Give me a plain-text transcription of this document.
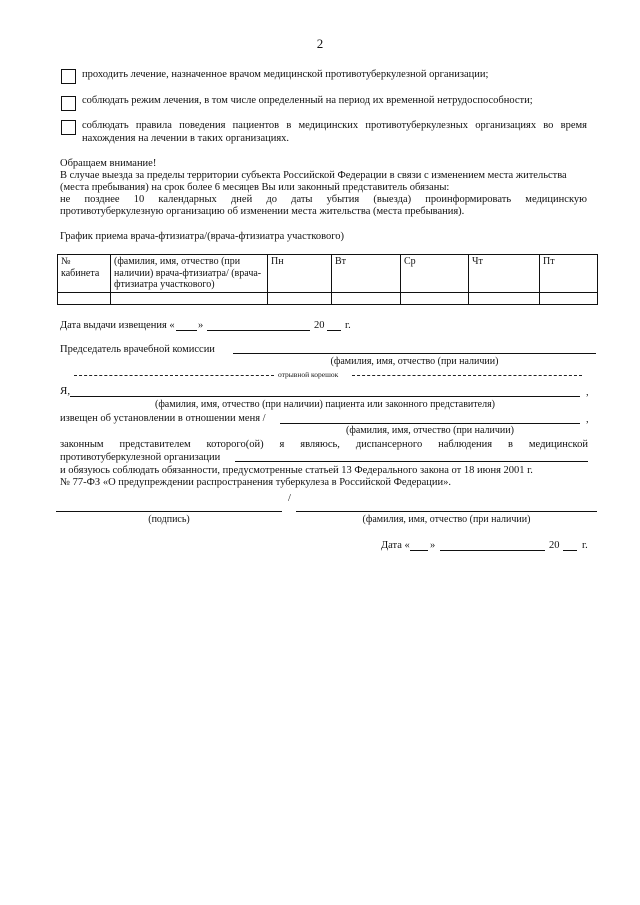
2
проходить лечение, назначенное врачом медицинской противотуберкулезной организации;
соблюдать режим лечения, в том числе определенный на период их временной нетрудоспособности;
соблюдать правила поведения пациентов в медицинских противотуберкулезных организациях во время
нахождения на лечении в таких организациях.
Обращаем внимание!
В случае выезда за пределы территории субъекта Российской Федерации в связи с изменением места жительства
(места пребывания) на срок более 6 месяцев Вы или законный представитель обязаны:
не позднее 10 календарных дней до даты убытия (выезда) проинформировать медицинскую
противотуберкулезную организацию об изменении места жительства (места пребывания).
График приема врача-фтизиатра/(врача-фтизиатра участкового)
№ кабинета	(фамилия, имя, отчество (при наличии) врача-фтизиатра/ (врача-фтизиатра участкового)	Пн	Вт	Ср	Чт	Пт

Дата выдачи извещения « »	20 г.
Председатель врачебной комиссии
(фамилия, имя, отчество (при наличии)
отрывной корешок
Я,	,
(фамилия, имя, отчество (при наличии) пациента или законного представителя)
извещен об установлении в отношении меня /	,
(фамилия, имя, отчество (при наличии)
законным представителем которого(ой) я являюсь, диспансерного наблюдения в медицинской
противотуберкулезной организации
и обязуюсь соблюдать обязанности, предусмотренные статьей 13 Федерального закона от 18 июня 2001 г.
№ 77-ФЗ «О предупреждении распространения туберкулеза в Российской Федерации».
/
(подпись)	(фамилия, имя, отчество (при наличии)
Дата « »	20 г.
